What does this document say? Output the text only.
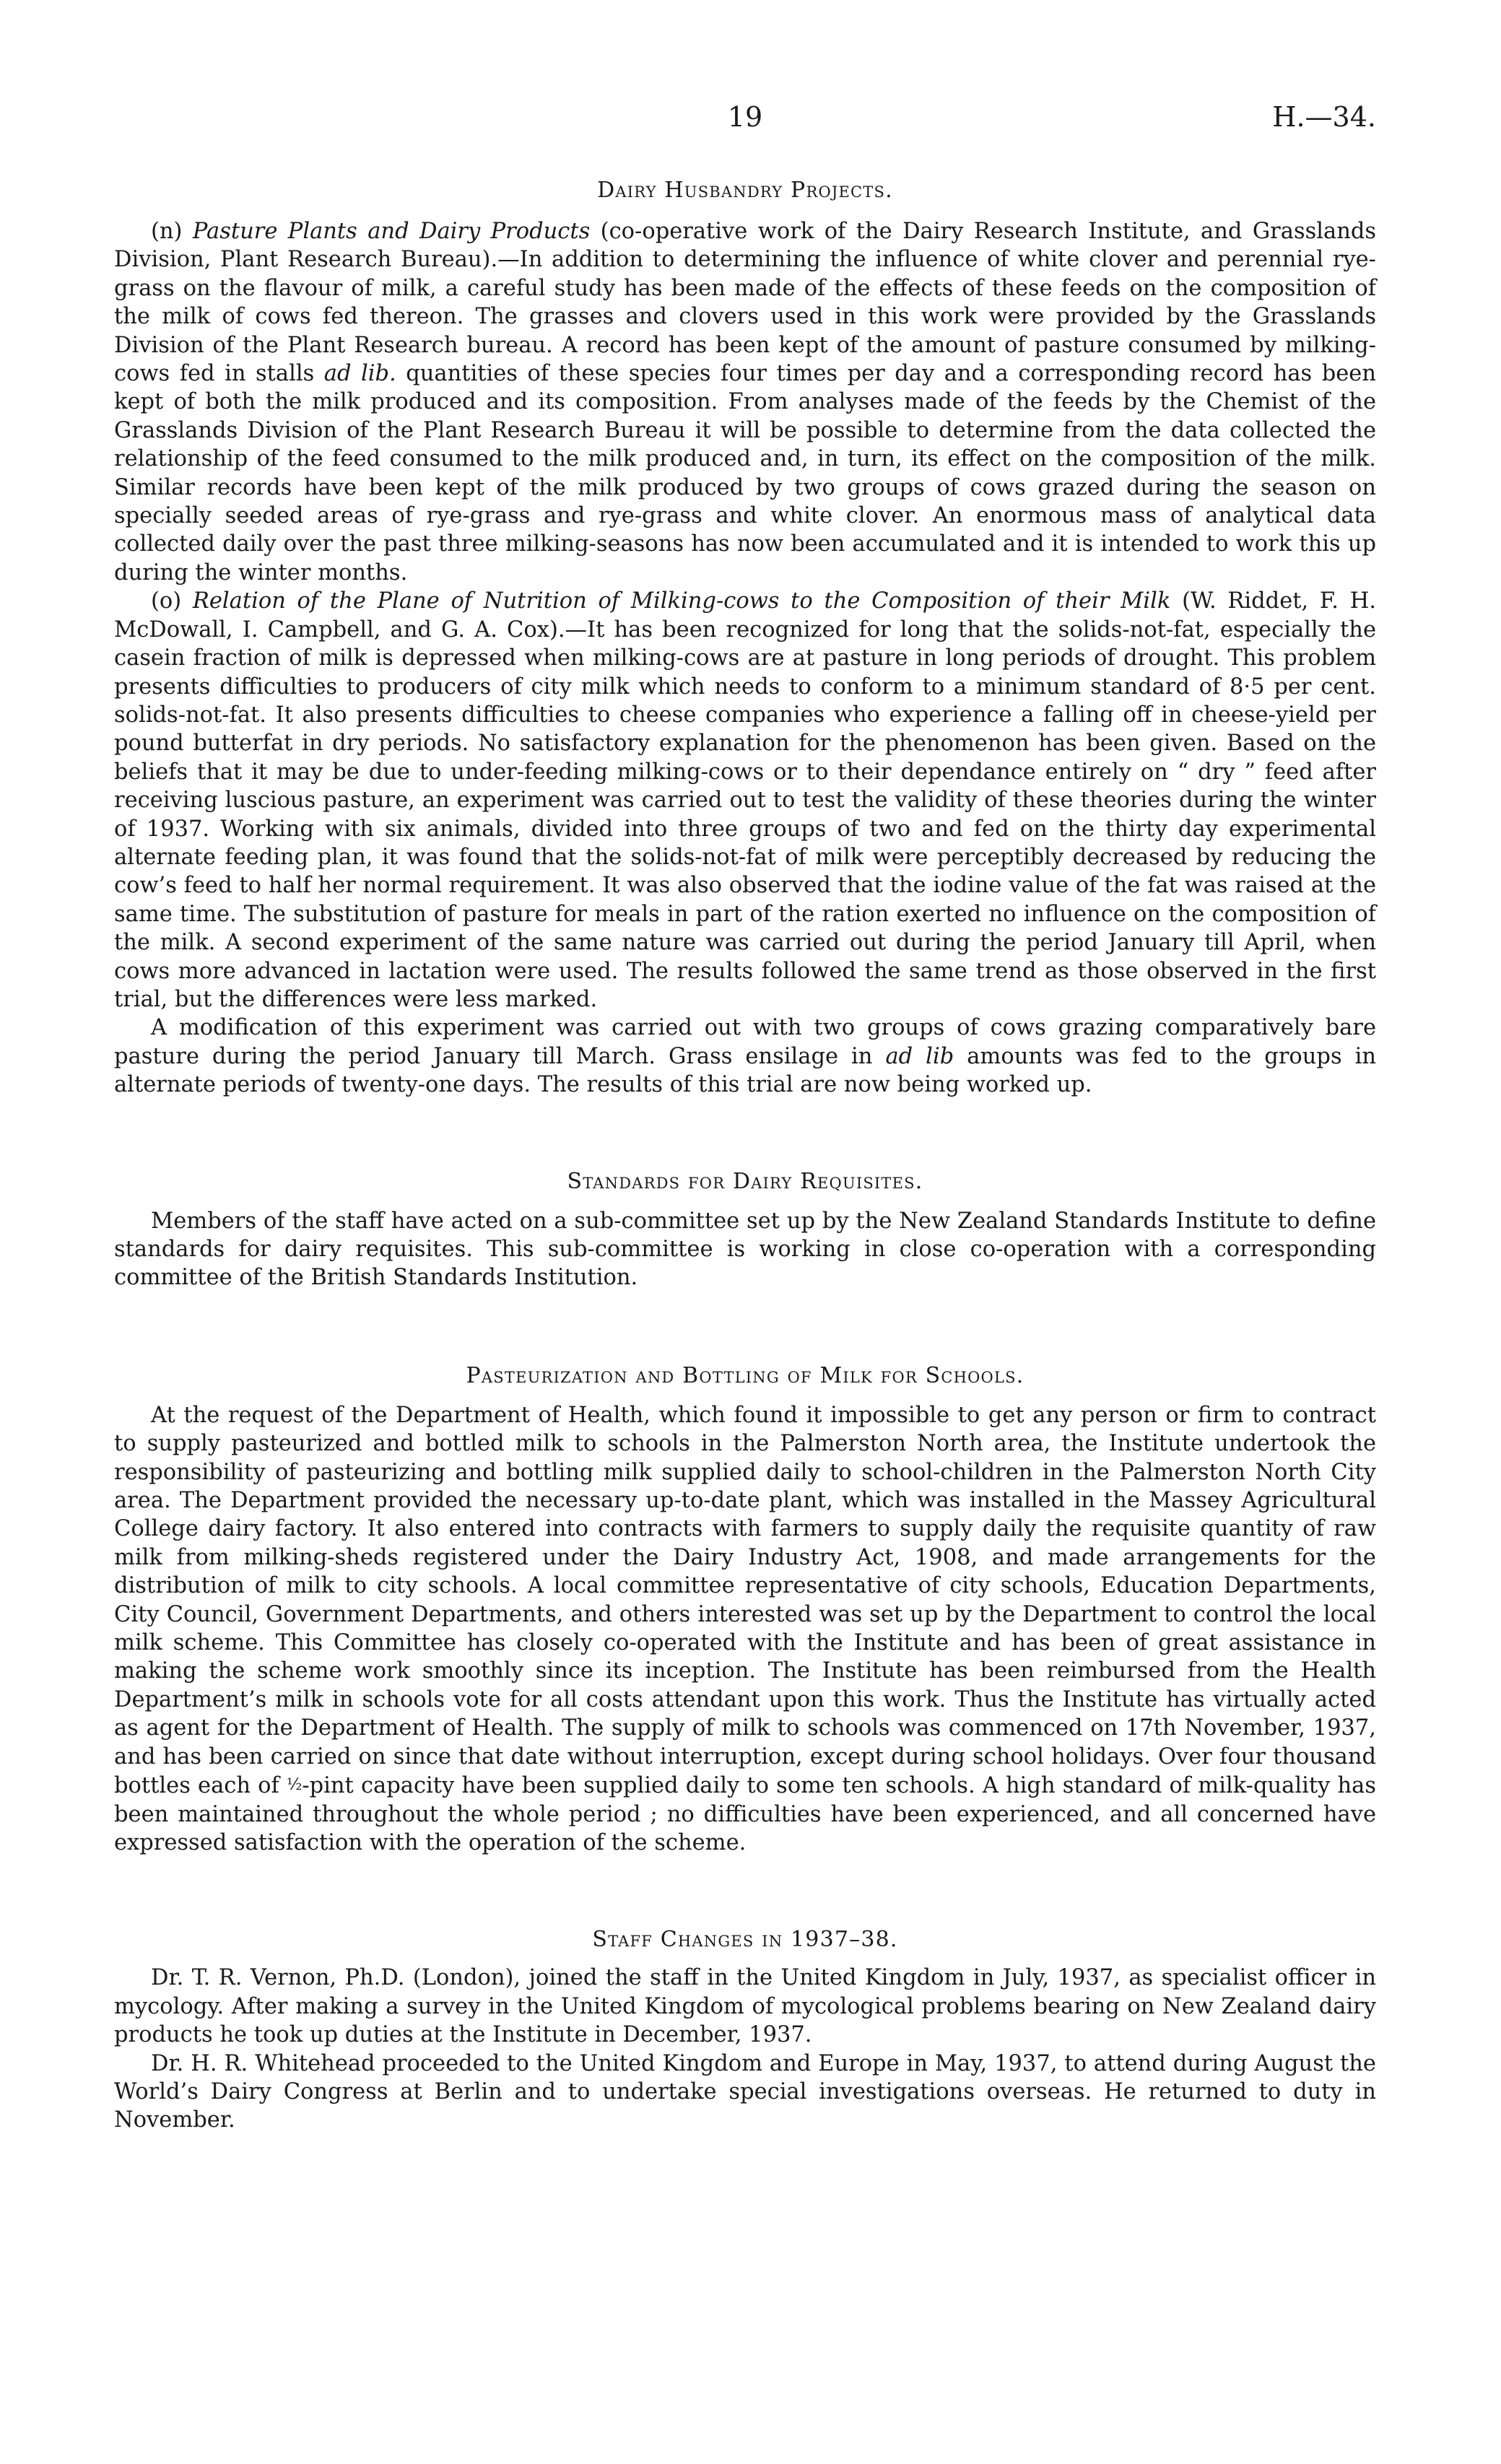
19	H.—34.
Dairy Husbandry Projects.

(n) Pasture Plants and Dairy Products (co-operative work of the Dairy Research Institute, and Grasslands Division, Plant Research Bureau).—In addition to determining the influence of white clover and perennial rye-grass on the flavour of milk, a careful study has been made of the effects of these feeds on the composition of the milk of cows fed thereon. The grasses and clovers used in this work were provided by the Grasslands Division of the Plant Research bureau. A record has been kept of the amount of pasture consumed by milking-cows fed in stalls ad lib. quantities of these species four times per day and a corresponding record has been kept of both the milk produced and its composition. From analyses made of the feeds by the Chemist of the Grasslands Division of the Plant Research Bureau it will be possible to determine from the data collected the relationship of the feed consumed to the milk produced and, in turn, its effect on the composition of the milk. Similar records have been kept of the milk produced by two groups of cows grazed during the season on specially seeded areas of rye-grass and rye-grass and white clover. An enormous mass of analytical data collected daily over the past three milking-seasons has now been accumulated and it is intended to work this up during the winter months.

(o) Relation of the Plane of Nutrition of Milking-cows to the Composition of their Milk (W. Riddet, F. H. McDowall, I. Campbell, and G. A. Cox).—It has been recognized for long that the solids-not-fat, especially the casein fraction of milk is depressed when milking-cows are at pasture in long periods of drought. This problem presents difficulties to producers of city milk which needs to conform to a minimum standard of 8·5 per cent. solids-not-fat. It also presents difficulties to cheese companies who experience a falling off in cheese-yield per pound butterfat in dry periods. No satisfactory explanation for the phenomenon has been given. Based on the beliefs that it may be due to under-feeding milking-cows or to their dependance entirely on “ dry ” feed after receiving luscious pasture, an experiment was carried out to test the validity of these theories during the winter of 1937. Working with six animals, divided into three groups of two and fed on the thirty day experimental alternate feeding plan, it was found that the solids-not-fat of milk were perceptibly decreased by reducing the cow’s feed to half her normal requirement. It was also observed that the iodine value of the fat was raised at the same time. The substitution of pasture for meals in part of the ration exerted no influence on the composition of the milk. A second experiment of the same nature was carried out during the period January till April, when cows more advanced in lactation were used. The results followed the same trend as those observed in the first trial, but the differences were less marked.

A modification of this experiment was carried out with two groups of cows grazing comparatively bare pasture during the period January till March. Grass ensilage in ad lib amounts was fed to the groups in alternate periods of twenty-one days. The results of this trial are now being worked up.

Standards for Dairy Requisites.

Members of the staff have acted on a sub-committee set up by the New Zealand Standards Institute to define standards for dairy requisites. This sub-committee is working in close co-operation with a corresponding committee of the British Standards Institution.

Pasteurization and Bottling of Milk for Schools.

At the request of the Department of Health, which found it impossible to get any person or firm to contract to supply pasteurized and bottled milk to schools in the Palmerston North area, the Institute undertook the responsibility of pasteurizing and bottling milk supplied daily to school-children in the Palmerston North City area. The Department provided the necessary up-to-date plant, which was installed in the Massey Agricultural College dairy factory. It also entered into contracts with farmers to supply daily the requisite quantity of raw milk from milking-sheds registered under the Dairy Industry Act, 1908, and made arrangements for the distribution of milk to city schools. A local committee representative of city schools, Education Departments, City Council, Government Departments, and others interested was set up by the Department to control the local milk scheme. This Committee has closely co-operated with the Institute and has been of great assistance in making the scheme work smoothly since its inception. The Institute has been reimbursed from the Health Department’s milk in schools vote for all costs attendant upon this work. Thus the Institute has virtually acted as agent for the Department of Health. The supply of milk to schools was commenced on 17th November, 1937, and has been carried on since that date without interruption, except during school holidays. Over four thousand bottles each of ½-pint capacity have been supplied daily to some ten schools. A high standard of milk-quality has been maintained throughout the whole period ; no difficulties have been experienced, and all concerned have expressed satisfaction with the operation of the scheme.

Staff Changes in 1937–38.

Dr. T. R. Vernon, Ph.D. (London), joined the staff in the United Kingdom in July, 1937, as specialist officer in mycology. After making a survey in the United Kingdom of mycological problems bearing on New Zealand dairy products he took up duties at the Institute in December, 1937.

Dr. H. R. Whitehead proceeded to the United Kingdom and Europe in May, 1937, to attend during August the World’s Dairy Congress at Berlin and to undertake special investigations overseas. He returned to duty in November.
